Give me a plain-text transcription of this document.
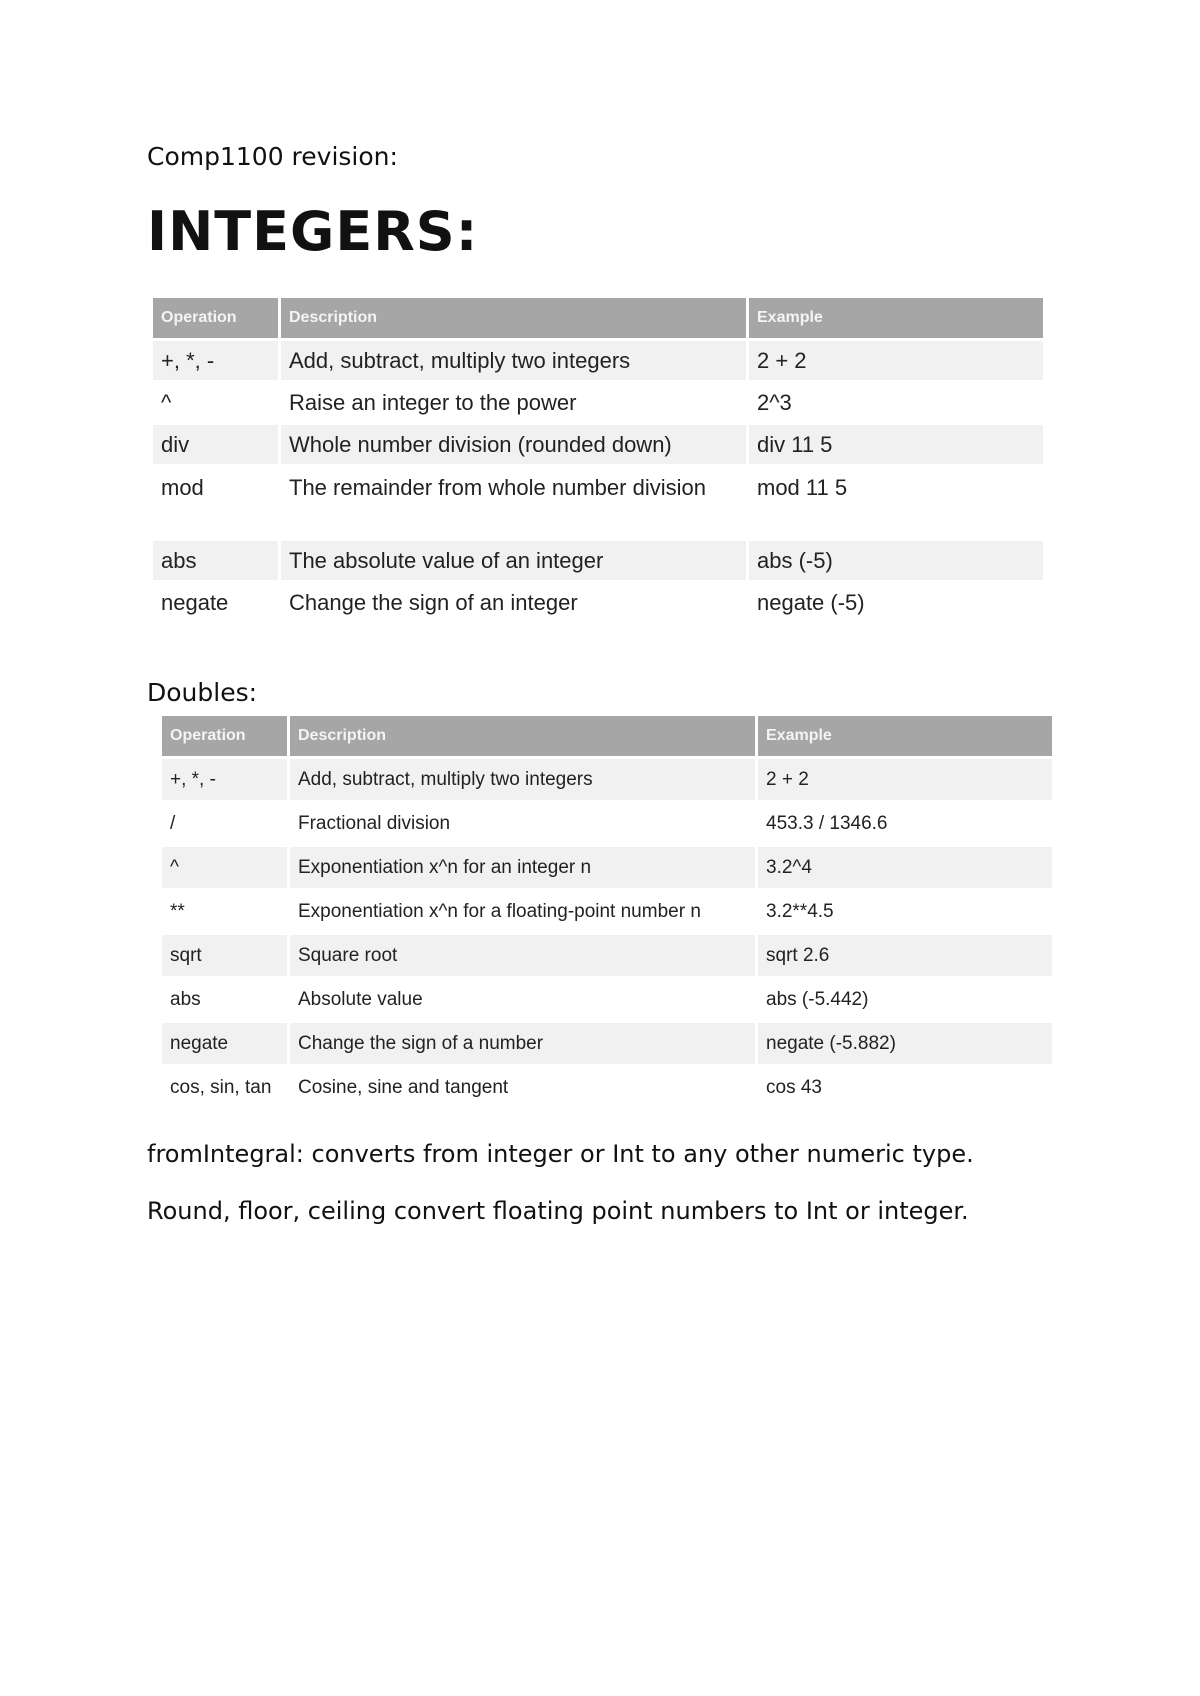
Comp1100 revision:
INTEGERS:
Operation	Description	Example
+, *, -	Add, subtract, multiply two integers	2 + 2
^	Raise an integer to the power	2^3
div	Whole number division (rounded down)	div 11 5
mod	The remainder from whole number division	mod 11 5
abs	The absolute value of an integer	abs (-5)
negate	Change the sign of an integer	negate (-5)
Doubles:
Operation	Description	Example
+, *, -	Add, subtract, multiply two integers	2 + 2
/	Fractional division	453.3 / 1346.6
^	Exponentiation x^n for an integer n	3.2^4
**	Exponentiation x^n for a floating-point number n	3.2**4.5
sqrt	Square root	sqrt 2.6
abs	Absolute value	abs (-5.442)
negate	Change the sign of a number	negate (-5.882)
cos, sin, tan	Cosine, sine and tangent	cos 43
fromIntegral: converts from integer or Int to any other numeric type.
Round, floor, ceiling convert floating point numbers to Int or integer.
